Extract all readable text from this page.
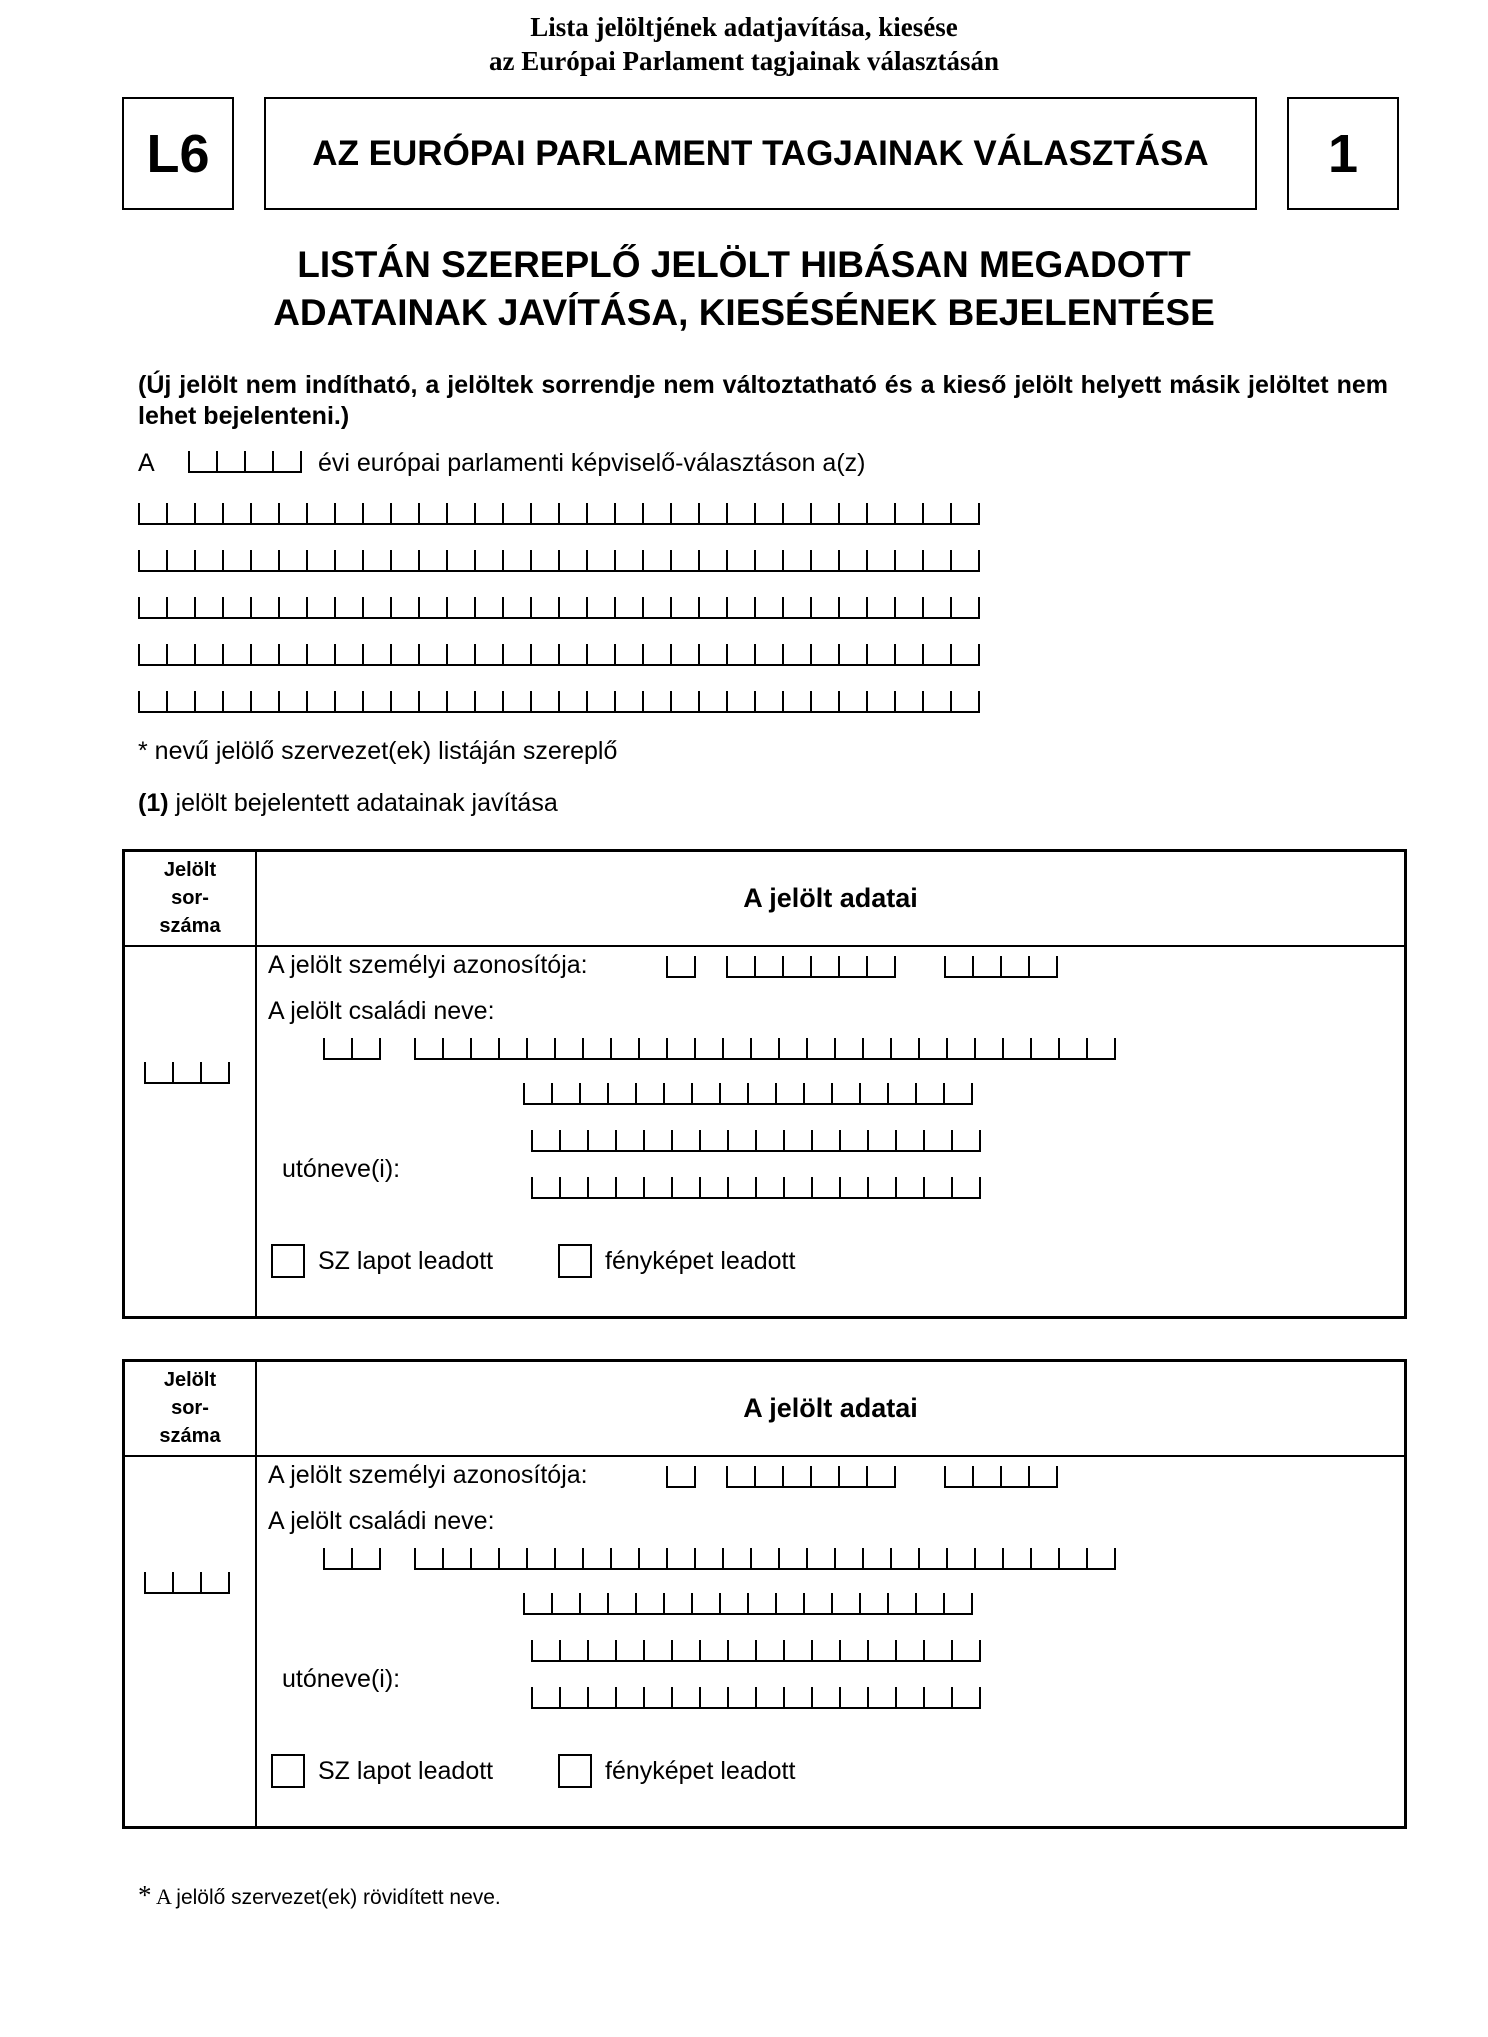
Lista jelöltjének adatjavítása, kiesése
az Európai Parlament tagjainak választásán
L6	AZ EURÓPAI PARLAMENT TAGJAINAK VÁLASZTÁSA 1
LISTÁN SZEREPLŐ JELÖLT HIBÁSAN MEGADOTT
ADATAINAK JAVÍTÁSA, KIESÉSÉNEK BEJELENTÉSE
(Új jelölt nem indítható, a jelöltek sorrendje nem változtatható és a kieső jelölt helyett másik jelöltet nem lehet bejelenteni.)
A	évi európai parlamenti képviselő-választáson a(z)
* nevű jelölő szervezet(ek) listáján szereplő
(1) jelölt bejelentett adatainak javítása
Jelölt
sor-
száma
A jelölt adatai
A jelölt személyi azonosítója:
A jelölt családi neve:
utóneve(i):
SZ lapot leadott	fényképet leadott
Jelölt
sor-
száma
A jelölt adatai
A jelölt személyi azonosítója:
A jelölt családi neve:
utóneve(i):
SZ lapot leadott	fényképet leadott
* A jelölő szervezet(ek) rövidített neve.
